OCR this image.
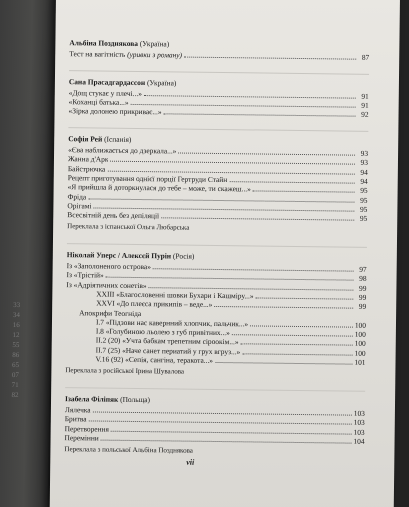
33
34
16
12
55
86
65
07
71
82
Альбіна Позднякова (Україна)
Тест на вагітність (уривки з роману)	87
Сана Прасадгардассон (Україна)
«Дощ стукає у плечі...»	91
«Коханці батька...»	91
«Зірка долонею прикриває...»	92
Софія Рей (Іспанія)
«Єва наближається до дзеркала...»	93
Жанна д'Арк	93
Байстрючка	94
Рецепт приготування однієї порції Гертруди Стайн	94
«Я прийшла й доторкнулася до тебе – може, ти скажеш...»	95
Фріда	95
Орігамі	95
Всесвітній день без депіляції	95
Переклала з іспанської Ольга Любарська
Ніколай Уперс / Алексєй Пурін (Росія)
Із «Заполоненого острова»	97
Із «Трістій»	98
Із «Адріятичних сонетів»	99
XXIII «Благословенні шовки Бухари і Кашміру...»	99
XXVI «До плеєса прикипів – веде...»	99
Апокрифи Теогніда
I.7 «Підзови нас кавернний хлопчик, пальчик...»	100
I.8 «Голубиною льолею з губ привітних...»	100
II.2 (20) «Учта бабкам трепетним сіроокім...»	100
II.7 (25) «Наче санет периатий у грух вгруз...»	100
V.16 (92) «Сепія, сангіна, теракота...»	101
Переклала з російської Ірина Шувалова
Ізабела Філіпяк (Польща)
Лялечка	103
Бритва	103
Перетворення	103
Перемінни	104
Переклала з польської Альбіна Позднякова
vii
